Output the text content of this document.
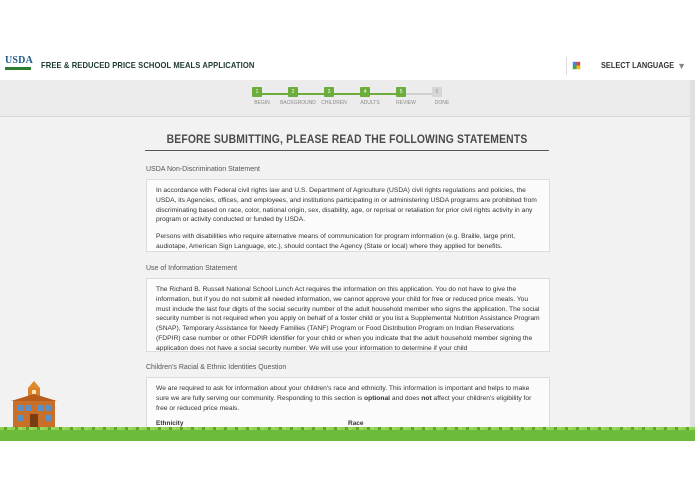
USDA FREE & REDUCED PRICE SCHOOL MEALS APPLICATION	SELECT LANGUAGE ▼
1	2	3	4	5	6
BEGIN	BACKGROUND	CHILDREN	ADULTS	REVIEW	DONE
BEFORE SUBMITTING, PLEASE READ THE FOLLOWING STATEMENTS
USDA Non-Discrimination Statement

In accordance with Federal civil rights law and U.S. Department of Agriculture (USDA) civil rights regulations and policies, the USDA, its Agencies, offices, and employees, and institutions participating in or administering USDA programs are prohibited from discriminating based on race, color, national origin, sex, disability, age, or reprisal or retaliation for prior civil rights activity in any program or activity conducted or funded by USDA.

Persons with disabilities who require alternative means of communication for program information (e.g. Braille, large print, audiotape, American Sign Language, etc.), should contact the Agency (State or local) where they applied for benefits.

Use of Information Statement

The Richard B. Russell National School Lunch Act requires the information on this application. You do not have to give the information, but if you do not submit all needed information, we cannot approve your child for free or reduced price meals. You must include the last four digits of the social security number of the adult household member who signs the application. The social security number is not required when you apply on behalf of a foster child or you list a Supplemental Nutrition Assistance Program (SNAP), Temporary Assistance for Needy Families (TANF) Program or Food Distribution Program on Indian Reservations (FDPIR) case number or other FDPIR identifier for your child or when you indicate that the adult household member signing the application does not have a social security number. We will use your information to determine if your child

Children's Racial & Ethnic Identities Question

We are required to ask for information about your children's race and ethnicity. This information is important and helps to make sure we are fully serving our community. Responding to this section is optional and does not affect your children's eligibility for free or reduced price meals.

Ethnicity	Race
